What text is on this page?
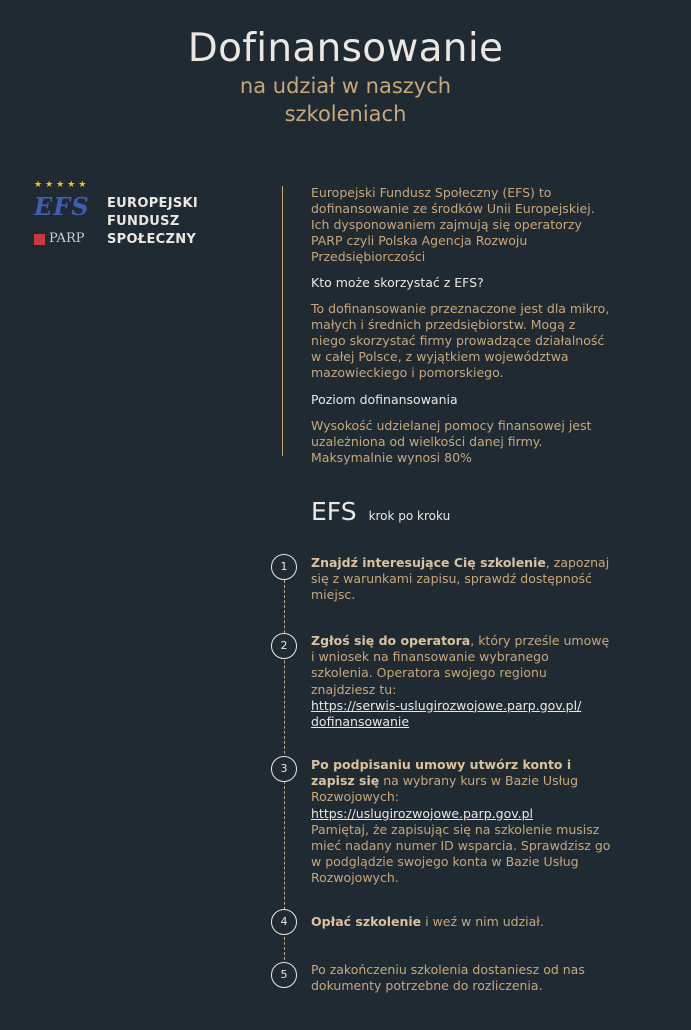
Dofinansowanie
na udział w naszych
szkoleniach
★★★★★
EFS
PARP
EUROPEJSKI
FUNDUSZ
SPOŁECZNY

Europejski Fundusz Społeczny (EFS) to dofinansowanie ze środków Unii Europejskiej. Ich dysponowaniem zajmują się operatorzy PARP czyli Polska Agencja Rozwoju Przedsiębiorczości

Kto może skorzystać z EFS?

To dofinansowanie przeznaczone jest dla mikro, małych i średnich przedsiębiorstw. Mogą z niego skorzystać firmy prowadzące działalność w całej Polsce, z wyjątkiem województwa mazowieckiego i pomorskiego.

Poziom dofinansowania

Wysokość udzielanej pomocy finansowej jest uzależniona od wielkości danej firmy. Maksymalnie wynosi 80%

EFS krok po kroku
1	Znajdź interesujące Cię szkolenie, zapoznaj się z warunkami zapisu, sprawdź dostępność miejsc.
2	Zgłoś się do operatora, który prześle umowę i wniosek na finansowanie wybranego szkolenia. Operatora swojego regionu znajdziesz tu:
https://serwis-uslugirozwojowe.parp.gov.pl/
dofinansowanie
3	Po podpisaniu umowy utwórz konto i zapisz się na wybrany kurs w Bazie Usług Rozwojowych:
https://uslugirozwojowe.parp.gov.pl
Pamiętaj, że zapisując się na szkolenie musisz mieć nadany numer ID wsparcia. Sprawdzisz go w podglądzie swojego konta w Bazie Usług Rozwojowych.
4	Opłać szkolenie i weź w nim udział.
5	Po zakończeniu szkolenia dostaniesz od nas dokumenty potrzebne do rozliczenia.
